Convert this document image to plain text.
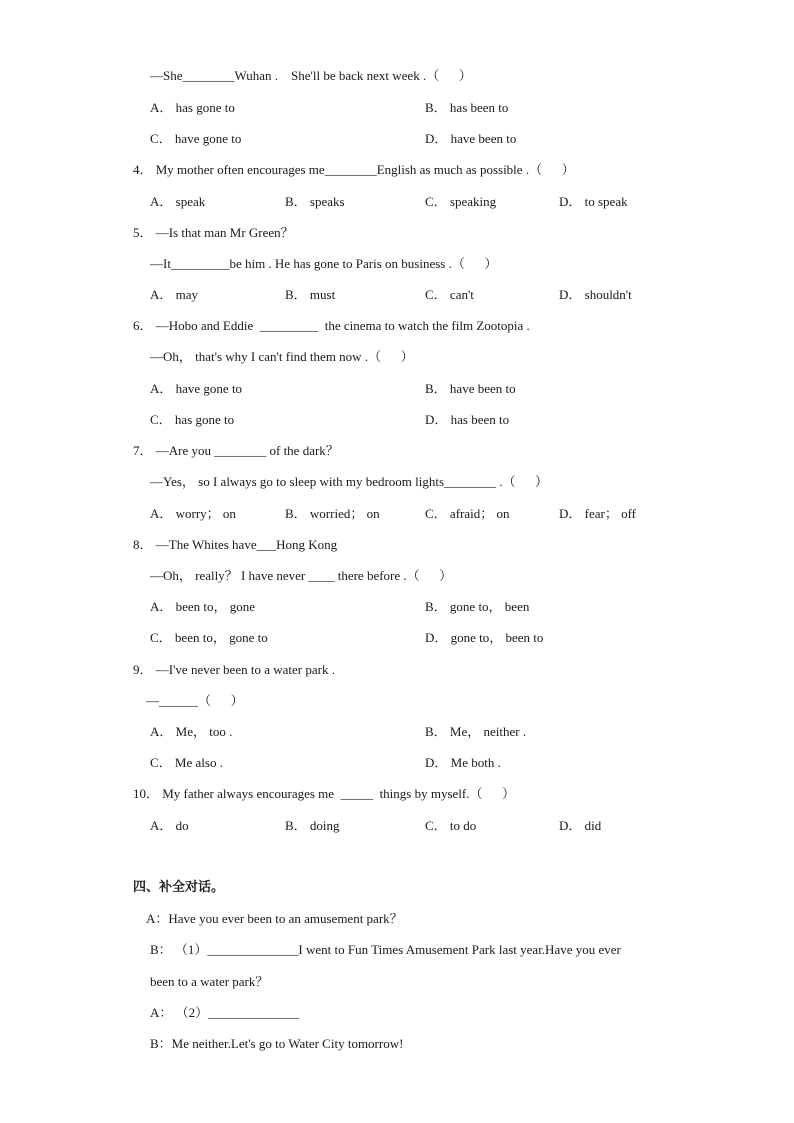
—She________Wuhan .    She'll be back next week .（      ）
A． has gone to	B． has been to
C． have gone to	D． have been to
4． My mother often encourages me________English as much as possible .（      ）
A． speak	B． speaks	C． speaking	D． to speak
5． —Is that man Mr Green？
—It_________be him . He has gone to Paris on business .（      ）
A． may	B． must	C． can't	D． shouldn't
6． —Hobo and Eddie  _________  the cinema to watch the film Zootopia .
—Oh， that's why I can't find them now .（      ）
A． have gone to	B． have been to
C． has gone to	D． has been to
7． —Are you ________ of the dark？
—Yes， so I always go to sleep with my bedroom lights________ .（      ）
A． worry； on	B． worried； on	C． afraid； on	D． fear； off
8． —The Whites have___Hong Kong
—Oh， really？ I have never ____ there before .（      ）
A． been to， gone	B． gone to， been
C． been to， gone to	D． gone to， been to
9． —I've never been to a water park .
—______（      ）
A． Me， too .	B． Me， neither .
C． Me also .	D． Me both .
10． My father always encourages me  _____  things by myself.（      ）
A． do	B． doing	C． to do	D． did
四、补全对话。
A：Have you ever been to an amusement park？
B： （1）______________I went to Fun Times Amusement Park last year.Have you ever
been to a water park？
A： （2）______________
B：Me neither.Let's go to Water City tomorrow!
